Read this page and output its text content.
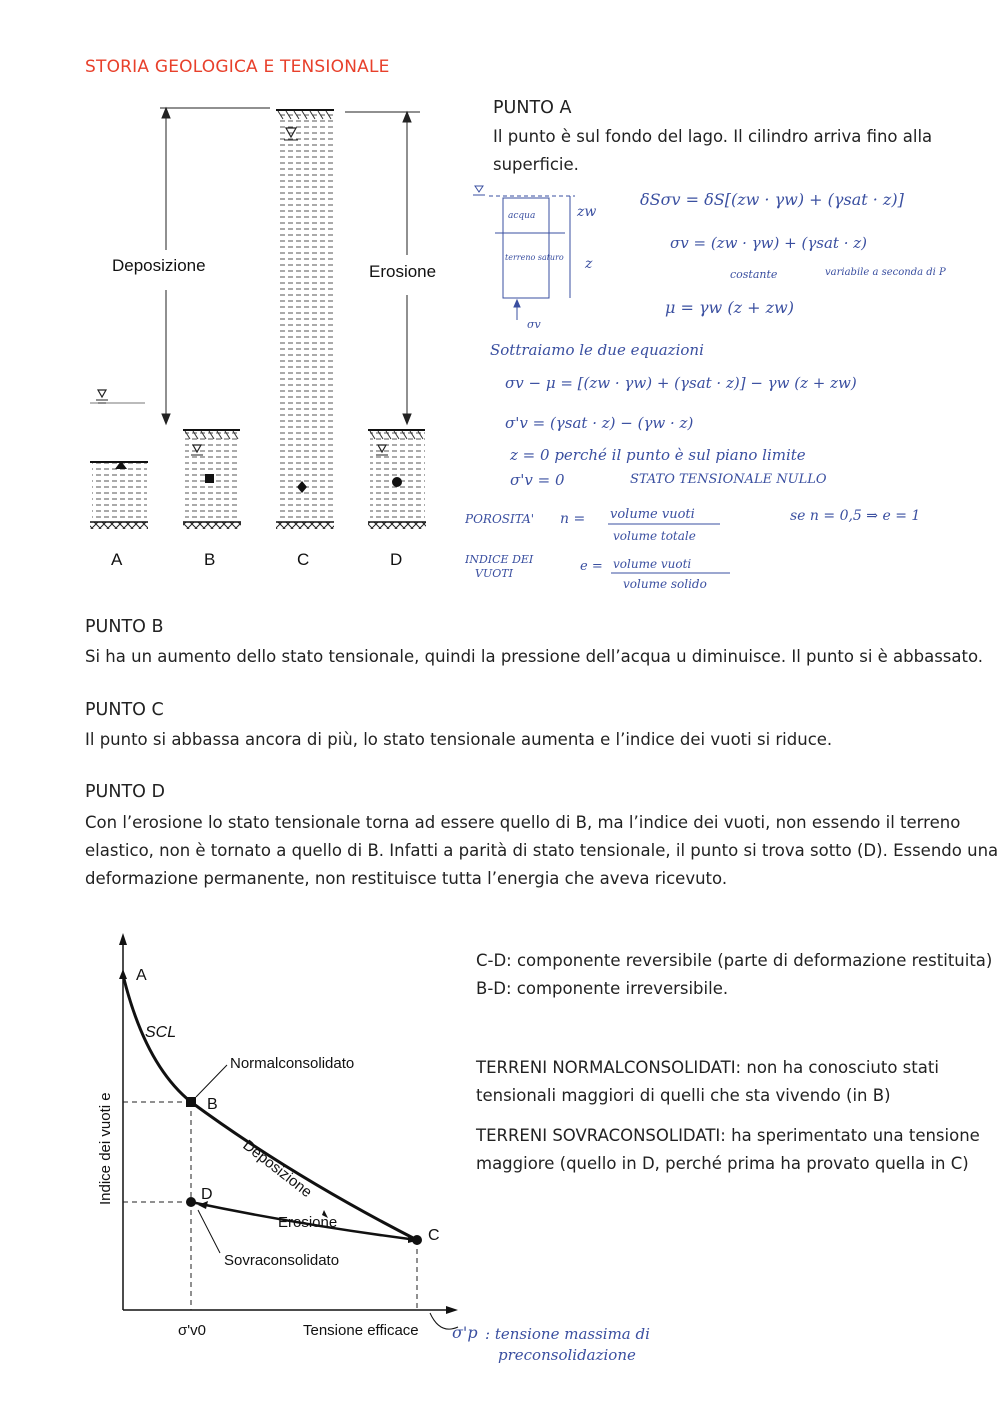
STORIA GEOLOGICA E TENSIONALE
Deposizione	Erosione
A	B	C	D
PUNTO A
Il punto è sul fondo del lago. Il cilindro arriva fino alla superficie.
acqua
terreno saturo
zw
z
σv
δSσv = δS[(zw · γw) + (γsat · z)]
σv = (zw · γw) + (γsat · z)
costante	variabile a seconda di P
μ = γw (z + zw)
Sottraiamo le due equazioni
σv − μ = [(zw · γw) + (γsat · z)] − γw (z + zw)
σ'v = (γsat · z) − (γw · z)
z = 0 perché il punto è sul piano limite
σ'v = 0	STATO TENSIONALE NULLO
POROSITA' n = volume vuoti
volume totale
se n = 0,5 ⇒ e = 1
INDICE DEI
VUOTI	e = volume vuoti
volume solido
PUNTO B
Si ha un aumento dello stato tensionale, quindi la pressione dell’acqua u diminuisce. Il punto si è abbassato.
PUNTO C
Il punto si abbassa ancora di più, lo stato tensionale aumenta e l’indice dei vuoti si riduce.
PUNTO D
Con l’erosione lo stato tensionale torna ad essere quello di B, ma l’indice dei vuoti, non essendo il terreno
elastico, non è tornato a quello di B. Infatti a parità di stato tensionale, il punto si trova sotto (D). Essendo una
deformazione permanente, non restituisce tutta l’energia che aveva ricevuto.
A
SCL
Normalconsolidato
B
D
C
Deposizione
Erosione
Sovraconsolidato
Indice dei vuoti e
Tensione efficace
σ'v0	σ'p : tensione massima di
preconsolidazione
C-D: componente reversibile (parte di deformazione restituita)
B-D: componente irreversibile.
TERRENI NORMALCONSOLIDATI: non ha conosciuto stati
tensionali maggiori di quelli che sta vivendo (in B)
TERRENI SOVRACONSOLIDATI: ha sperimentato una tensione
maggiore (quello in D, perché prima ha provato quella in C)
